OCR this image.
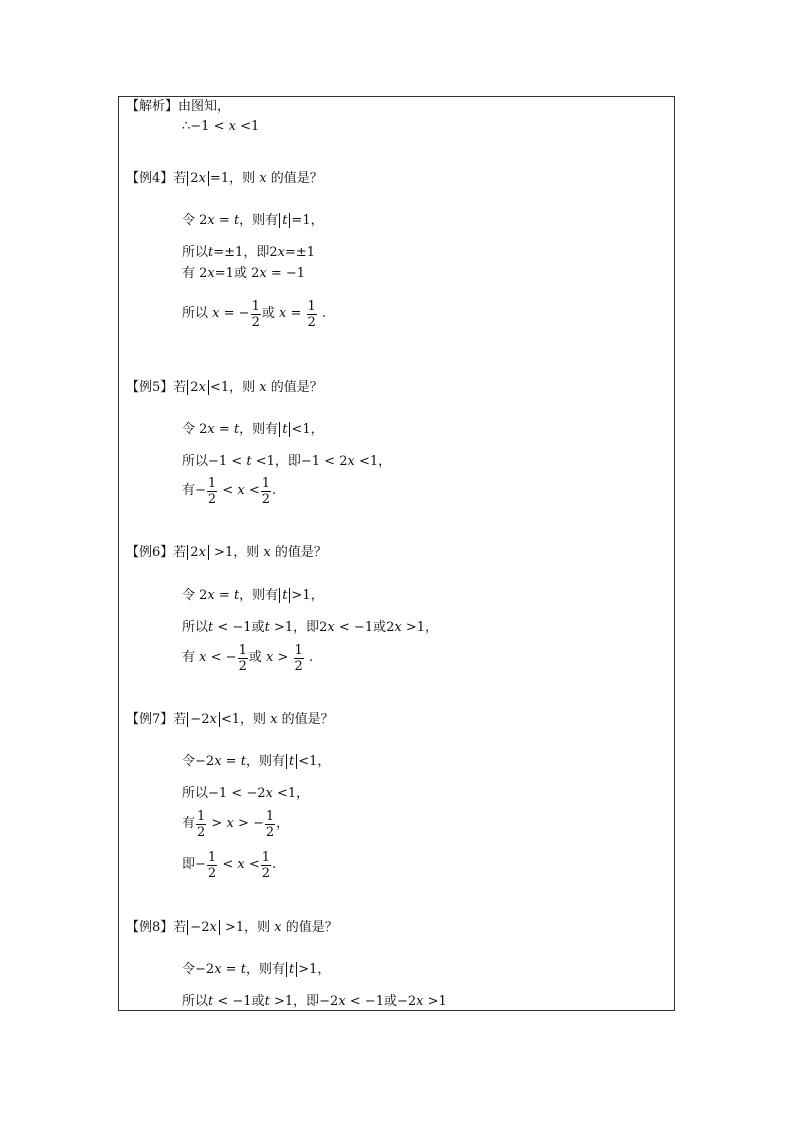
【解析】由图知，
∴−1 < x <1
【例4】若 2x =1，则 x 的值是？
令 2x = t，则有 t =1，
所以t=±1，即2x=±1
有 2x=1或 2x = −1
所以 x = − $\frac{1}{2}$ 或 $x = \frac{1}{2}$ .
【例5】若 2x <1，则 x 的值是？
令 2x = t，则有 t <1，
所以−1 < t <1，即−1 < 2x <1，
有− $\frac{1}{2} < x < \frac{1}{2}$ .
【例6】若 2x >1，则 x 的值是？
令 2x = t，则有 t >1，
所以t < −1或t >1，即2x < −1或2x >1，
有 x < − $\frac{1}{2}$ 或 $x > \frac{1}{2}$ .
【例7】若 −2x <1，则 x 的值是？
令−2x = t，则有 t <1，
所以−1 < −2x <1，
有 $\frac{1}{2} > x$ > − $\frac{1}{2}$ ，
即− $\frac{1}{2} < x < \frac{1}{2}$ .
【例8】若 −2x >1，则 x 的值是？
令−2x = t，则有 t >1，
所以t < −1或t >1，即−2x < −1或−2x >1
